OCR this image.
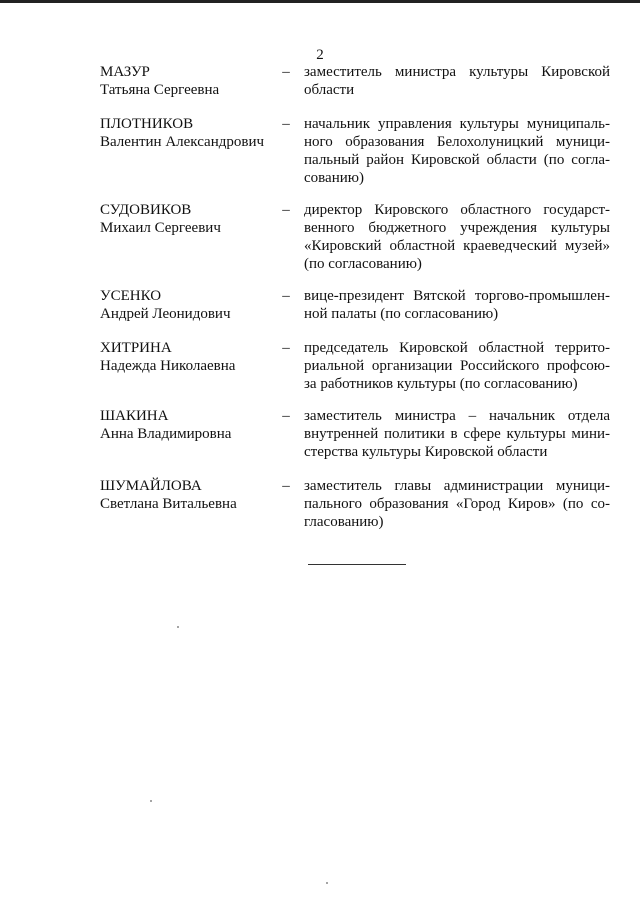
2
МАЗУР
Татьяна Сергеевна
– заместитель министра культуры Кировской
области
ПЛОТНИКОВ
Валентин Александрович
– начальник управления культуры муниципаль-
ного образования Белохолуницкий муници-
пальный район Кировской области (по согла-
сованию)
СУДОВИКОВ
Михаил Сергеевич
– директор Кировского областного государст-
венного бюджетного учреждения культуры
«Кировский областной краеведческий музей»
(по согласованию)
УСЕНКО
Андрей Леонидович
– вице-президент Вятской торгово-промышлен-
ной палаты (по согласованию)
ХИТРИНА
Надежда Николаевна
– председатель Кировской областной террито-
риальной организации Российского профсою-
за работников культуры (по согласованию)
ШАКИНА
Анна Владимировна
– заместитель министра – начальник отдела
внутренней политики в сфере культуры мини-
стерства культуры Кировской области
ШУМАЙЛОВА
Светлана Витальевна
– заместитель главы администрации муници-
пального образования «Город Киров» (по со-
гласованию)
